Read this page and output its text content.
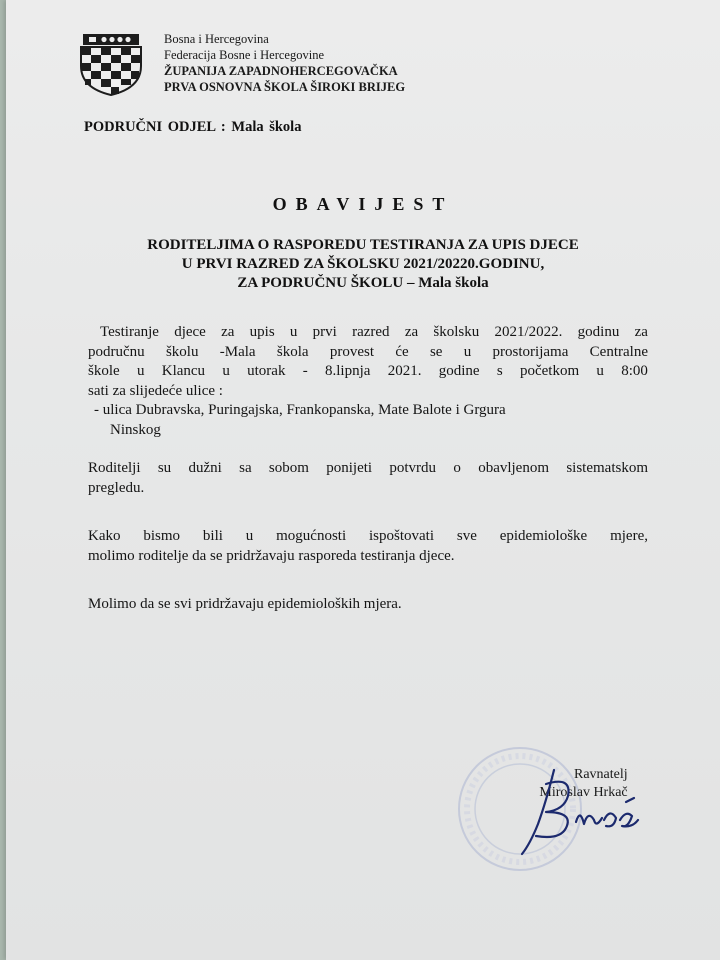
Bosna i Hercegovina
Federacija Bosne i Hercegovine
ŽUPANIJA ZAPADNOHERCEGOVAČKA
PRVA OSNOVNA ŠKOLA ŠIROKI BRIJEG
PODRUČNI ODJEL : Mala škola
OBAVIJEST
RODITELJIMA O RASPOREDU TESTIRANJA ZA UPIS DJECE
U PRVI RAZRED ZA ŠKOLSKU 2021/20220.GODINU,
ZA PODRUČNU ŠKOLU – Mala škola
Testiranje djece za upis u prvi razred za školsku 2021/2022. godinu za
područnu školu -Mala škola provest će se u prostorijama Centralne
škole u Klancu u utorak - 8.lipnja 2021. godine s početkom u 8:00
sati za slijedeće ulice :
- ulica Dubravska, Puringajska, Frankopanska, Mate Balote i Grgura
Ninskog
Roditelji su dužni sa sobom ponijeti potvrdu o obavljenom sistematskom
pregledu.
Kako bismo bili u mogućnosti ispoštovati sve epidemiološke mjere,
molimo roditelje da se pridržavaju rasporeda testiranja djece.
Molimo da se svi pridržavaju epidemioloških mjera.
Ravnatelj
Miroslav Hrkač
